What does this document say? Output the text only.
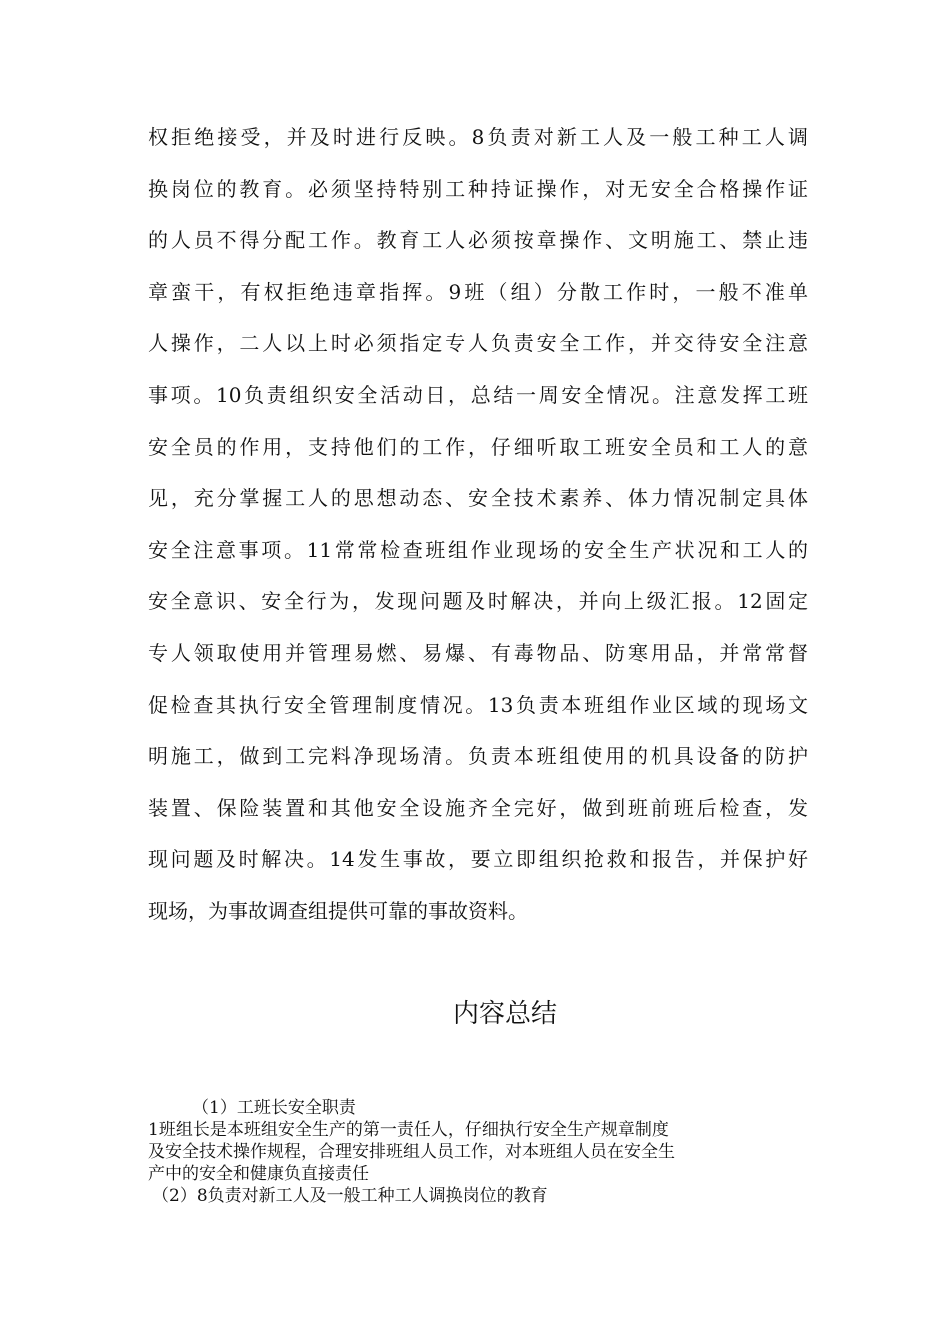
权拒绝接受，并及时进行反映。8负责对新工人及一般工种工人调
换岗位的教育。必须坚持特别工种持证操作，对无安全合格操作证
的人员不得分配工作。教育工人必须按章操作、文明施工、禁止违
章蛮干，有权拒绝违章指挥。9班（组）分散工作时，一般不准单
人操作，二人以上时必须指定专人负责安全工作，并交待安全注意
事项。10负责组织安全活动日，总结一周安全情况。注意发挥工班
安全员的作用，支持他们的工作，仔细听取工班安全员和工人的意
见，充分掌握工人的思想动态、安全技术素养、体力情况制定具体
安全注意事项。11常常检查班组作业现场的安全生产状况和工人的
安全意识、安全行为，发现问题及时解决，并向上级汇报。12固定
专人领取使用并管理易燃、易爆、有毒物品、防寒用品，并常常督
促检查其执行安全管理制度情况。13负责本班组作业区域的现场文
明施工，做到工完料净现场清。负责本班组使用的机具设备的防护
装置、保险装置和其他安全设施齐全完好，做到班前班后检查，发
现问题及时解决。14发生事故，要立即组织抢救和报告，并保护好
现场，为事故调查组提供可靠的事故资料。
内容总结
（1）工班长安全职责
1班组长是本班组安全生产的第一责任人，仔细执行安全生产规章制度
及安全技术操作规程，合理安排班组人员工作，对本班组人员在安全生
产中的安全和健康负直接责任
（2）8负责对新工人及一般工种工人调换岗位的教育
